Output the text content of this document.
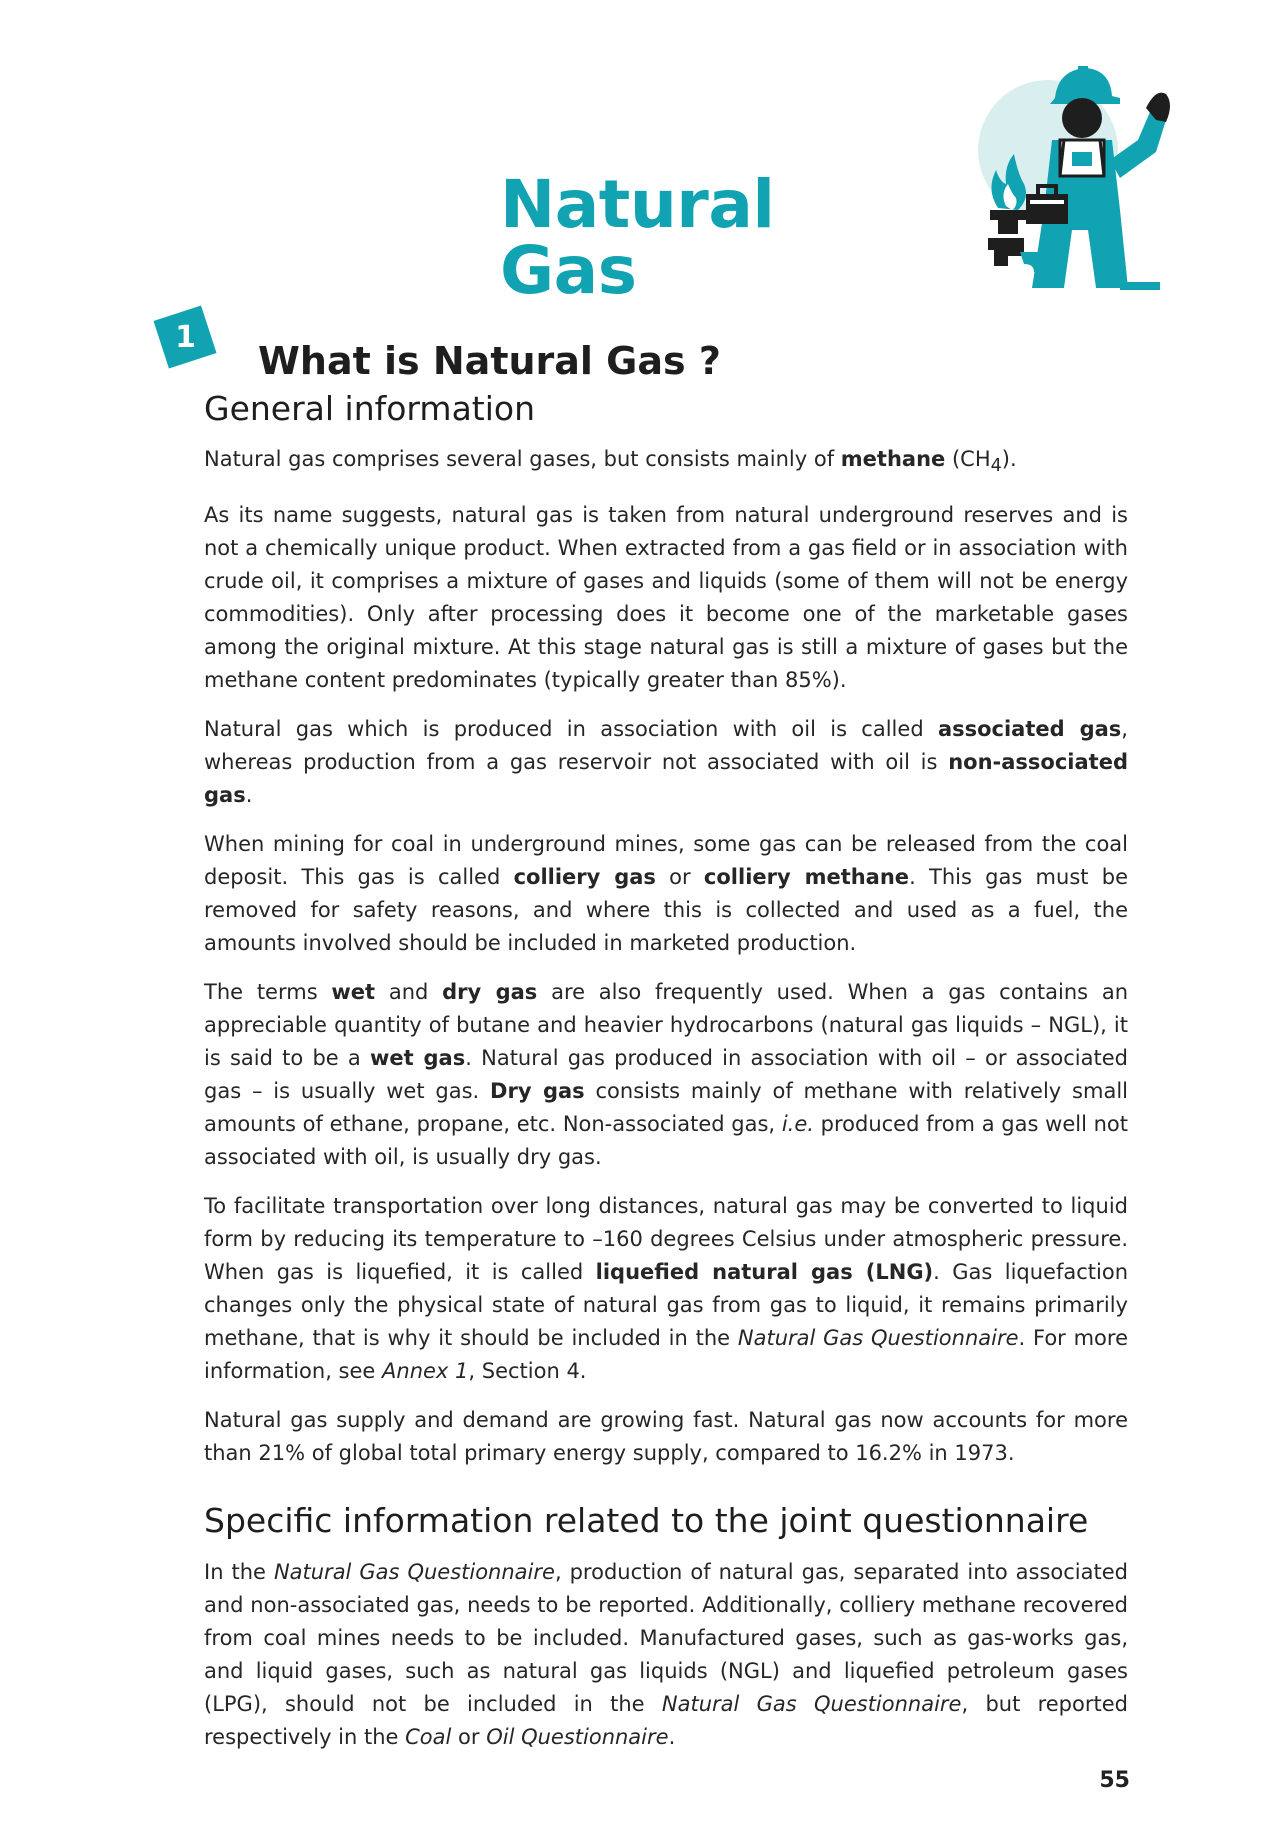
Natural Gas
1
What is Natural Gas ?
General information

Natural gas comprises several gases, but consists mainly of methane $(CH_4)$.

As its name suggests, natural gas is taken from natural underground reserves and is not a chemically unique product. When extracted from a gas field or in association with crude oil, it comprises a mixture of gases and liquids (some of them will not be energy commodities). Only after processing does it become one of the marketable gases among the original mixture. At this stage natural gas is still a mixture of gases but the methane content predominates (typically greater than 85%).

Natural gas which is produced in association with oil is called associated gas, whereas production from a gas reservoir not associated with oil is non-associated gas.

When mining for coal in underground mines, some gas can be released from the coal deposit. This gas is called colliery gas or colliery methane. This gas must be removed for safety reasons, and where this is collected and used as a fuel, the amounts involved should be included in marketed production.

The terms wet and dry gas are also frequently used. When a gas contains an appreciable quantity of butane and heavier hydrocarbons (natural gas liquids – NGL), it is said to be a wet gas. Natural gas produced in association with oil – or associated gas – is usually wet gas. Dry gas consists mainly of methane with relatively small amounts of ethane, propane, etc. Non-associated gas, i.e. produced from a gas well not associated with oil, is usually dry gas.

To facilitate transportation over long distances, natural gas may be converted to liquid form by reducing its temperature to –160 degrees Celsius under atmospheric pressure. When gas is liquefied, it is called liquefied natural gas (LNG). Gas liquefaction changes only the physical state of natural gas from gas to liquid, it remains primarily methane, that is why it should be included in the Natural Gas Questionnaire. For more information, see Annex 1, Section 4.

Natural gas supply and demand are growing fast. Natural gas now accounts for more than 21% of global total primary energy supply, compared to 16.2% in 1973.

Specific information related to the joint questionnaire

In the Natural Gas Questionnaire, production of natural gas, separated into associated and non-associated gas, needs to be reported. Additionally, colliery methane recovered from coal mines needs to be included. Manufactured gases, such as gas-works gas, and liquid gases, such as natural gas liquids (NGL) and liquefied petroleum gases (LPG), should not be included in the Natural Gas Questionnaire, but reported respectively in the Coal or Oil Questionnaire.

55
